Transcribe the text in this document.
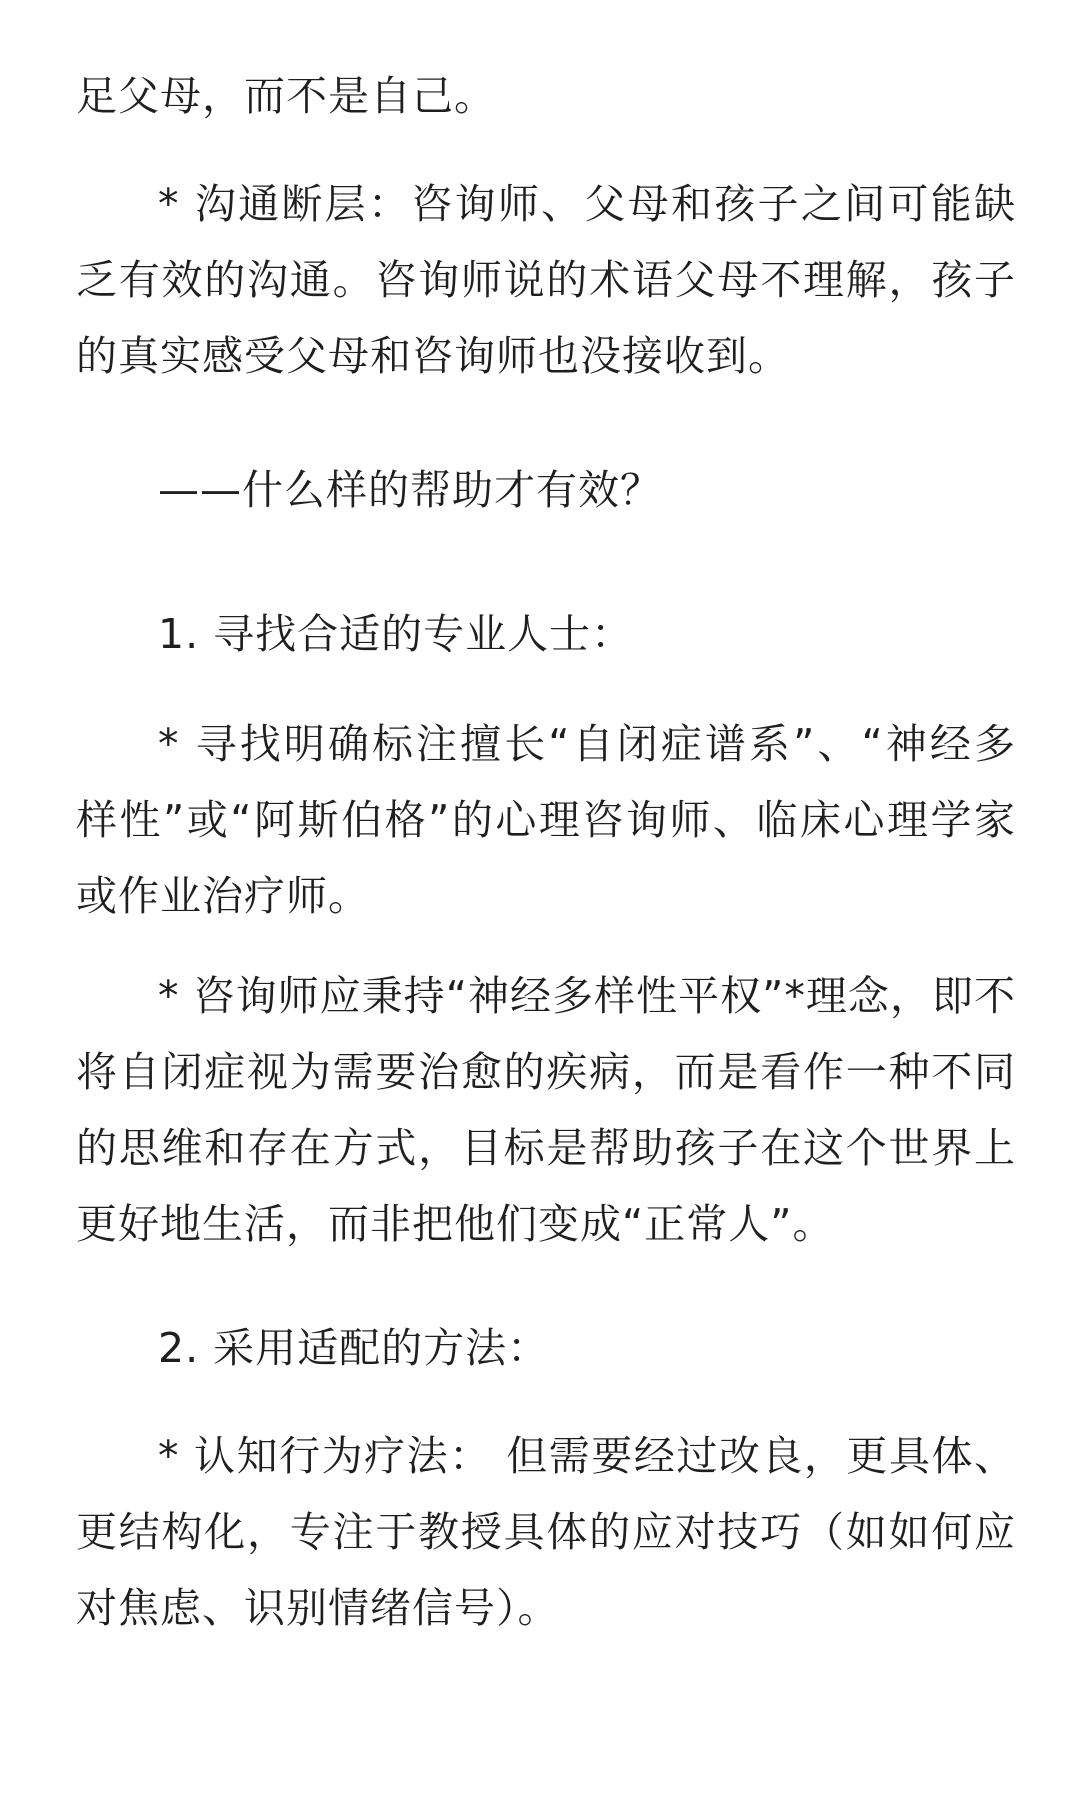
足父母，而不是自己。

* 沟通断层：咨询师、父母和孩子之间可能缺乏有效的沟通。咨询师说的术语父母不理解，孩子的真实感受父母和咨询师也没接收到。

——什么样的帮助才有效？

1. 寻找合适的专业人士：

* 寻找明确标注擅长“自闭症谱系”、“神经多样性”或“阿斯伯格”的心理咨询师、临床心理学家或作业治疗师。

* 咨询师应秉持“神经多样性平权”*理念，即不将自闭症视为需要治愈的疾病，而是看作一种不同的思维和存在方式，目标是帮助孩子在这个世界上更好地生活，而非把他们变成“正常人”。

2. 采用适配的方法：

* 认知行为疗法： 但需要经过改良，更具体、更结构化，专注于教授具体的应对技巧（如如何应对焦虑、识别情绪信号）。
